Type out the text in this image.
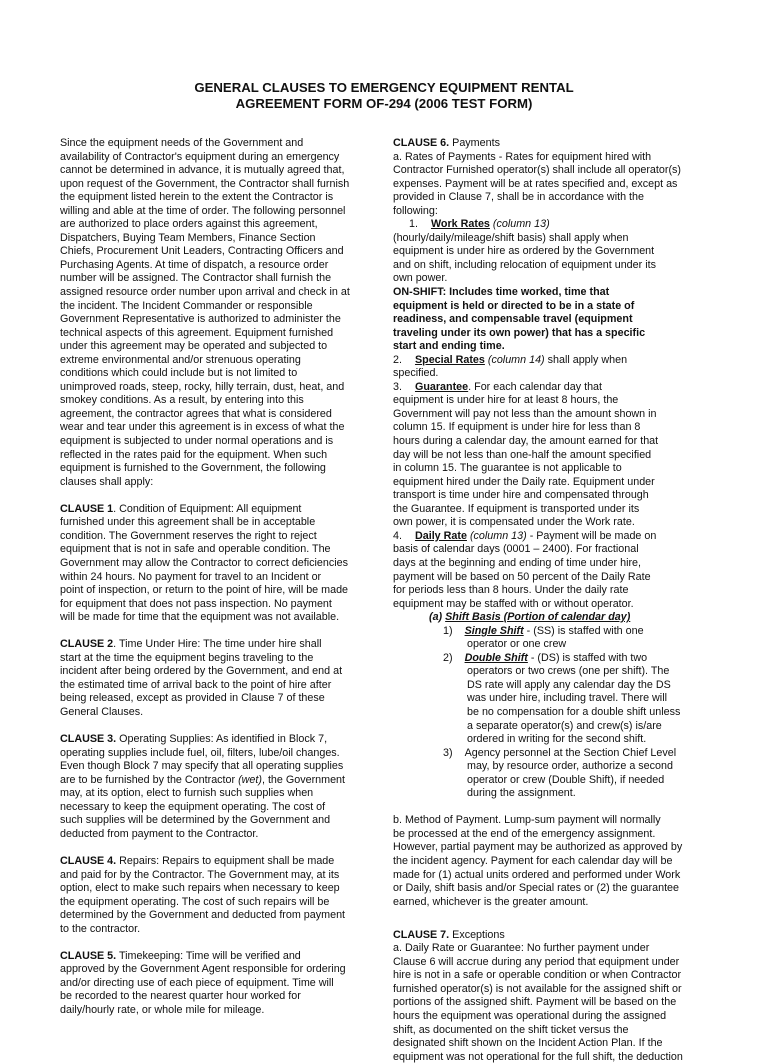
GENERAL CLAUSES TO EMERGENCY EQUIPMENT RENTAL
AGREEMENT FORM OF-294 (2006 TEST FORM)
Since the equipment needs of the Government and
availability of Contractor's equipment during an emergency
cannot be determined in advance, it is mutually agreed that,
upon request of the Government, the Contractor shall furnish
the equipment listed herein to the extent the Contractor is
willing and able at the time of order. The following personnel
are authorized to place orders against this agreement,
Dispatchers, Buying Team Members, Finance Section
Chiefs, Procurement Unit Leaders, Contracting Officers and
Purchasing Agents. At time of dispatch, a resource order
number will be assigned. The Contractor shall furnish the
assigned resource order number upon arrival and check in at
the incident. The Incident Commander or responsible
Government Representative is authorized to administer the
technical aspects of this agreement. Equipment furnished
under this agreement may be operated and subjected to
extreme environmental and/or strenuous operating
conditions which could include but is not limited to
unimproved roads, steep, rocky, hilly terrain, dust, heat, and
smokey conditions. As a result, by entering into this
agreement, the contractor agrees that what is considered
wear and tear under this agreement is in excess of what the
equipment is subjected to under normal operations and is
reflected in the rates paid for the equipment. When such
equipment is furnished to the Government, the following
clauses shall apply:
CLAUSE 1. Condition of Equipment: All equipment
furnished under this agreement shall be in acceptable
condition. The Government reserves the right to reject
equipment that is not in safe and operable condition. The
Government may allow the Contractor to correct deficiencies
within 24 hours. No payment for travel to an Incident or
point of inspection, or return to the point of hire, will be made
for equipment that does not pass inspection. No payment
will be made for time that the equipment was not available.
CLAUSE 2. Time Under Hire: The time under hire shall
start at the time the equipment begins traveling to the
incident after being ordered by the Government, and end at
the estimated time of arrival back to the point of hire after
being released, except as provided in Clause 7 of these
General Clauses.
CLAUSE 3. Operating Supplies: As identified in Block 7,
operating supplies include fuel, oil, filters, lube/oil changes.
Even though Block 7 may specify that all operating supplies
are to be furnished by the Contractor (wet), the Government
may, at its option, elect to furnish such supplies when
necessary to keep the equipment operating. The cost of
such supplies will be determined by the Government and
deducted from payment to the Contractor.
CLAUSE 4. Repairs: Repairs to equipment shall be made
and paid for by the Contractor. The Government may, at its
option, elect to make such repairs when necessary to keep
the equipment operating. The cost of such repairs will be
determined by the Government and deducted from payment
to the contractor.
CLAUSE 5. Timekeeping: Time will be verified and
approved by the Government Agent responsible for ordering
and/or directing use of each piece of equipment. Time will
be recorded to the nearest quarter hour worked for
daily/hourly rate, or whole mile for mileage.
CLAUSE 6. Payments
a. Rates of Payments - Rates for equipment hired with
Contractor Furnished operator(s) shall include all operator(s)
expenses. Payment will be at rates specified and, except as
provided in Clause 7, shall be in accordance with the
following:
1. Work Rates (column 13)
(hourly/daily/mileage/shift basis) shall apply when
equipment is under hire as ordered by the Government
and on shift, including relocation of equipment under its
own power.
ON-SHIFT: Includes time worked, time that
equipment is held or directed to be in a state of
readiness, and compensable travel (equipment
traveling under its own power) that has a specific
start and ending time.
2. Special Rates (column 14) shall apply when
specified.
3. Guarantee. For each calendar day that
equipment is under hire for at least 8 hours, the
Government will pay not less than the amount shown in
column 15. If equipment is under hire for less than 8
hours during a calendar day, the amount earned for that
day will be not less than one-half the amount specified
in column 15. The guarantee is not applicable to
equipment hired under the Daily rate. Equipment under
transport is time under hire and compensated through
the Guarantee. If equipment is transported under its
own power, it is compensated under the Work rate.
4. Daily Rate (column 13) - Payment will be made on
basis of calendar days (0001 – 2400). For fractional
days at the beginning and ending of time under hire,
payment will be based on 50 percent of the Daily Rate
for periods less than 8 hours. Under the daily rate
equipment may be staffed with or without operator.
(a) Shift Basis (Portion of calendar day)
1) Single Shift - (SS) is staffed with one
operator or one crew
2) Double Shift - (DS) is staffed with two
operators or two crews (one per shift). The
DS rate will apply any calendar day the DS
was under hire, including travel. There will
be no compensation for a double shift unless
a separate operator(s) and crew(s) is/are
ordered in writing for the second shift.
3) Agency personnel at the Section Chief Level
may, by resource order, authorize a second
operator or crew (Double Shift), if needed
during the assignment.
b. Method of Payment. Lump-sum payment will normally
be processed at the end of the emergency assignment.
However, partial payment may be authorized as approved by
the incident agency. Payment for each calendar day will be
made for (1) actual units ordered and performed under Work
or Daily, shift basis and/or Special rates or (2) the guarantee
earned, whichever is the greater amount.
CLAUSE 7. Exceptions
a. Daily Rate or Guarantee: No further payment under
Clause 6 will accrue during any period that equipment under
hire is not in a safe or operable condition or when Contractor
furnished operator(s) is not available for the assigned shift or
portions of the assigned shift. Payment will be based on the
hours the equipment was operational during the assigned
shift, as documented on the shift ticket versus the
designated shift shown on the Incident Action Plan. If the
equipment was not operational for the full shift, the deduction
